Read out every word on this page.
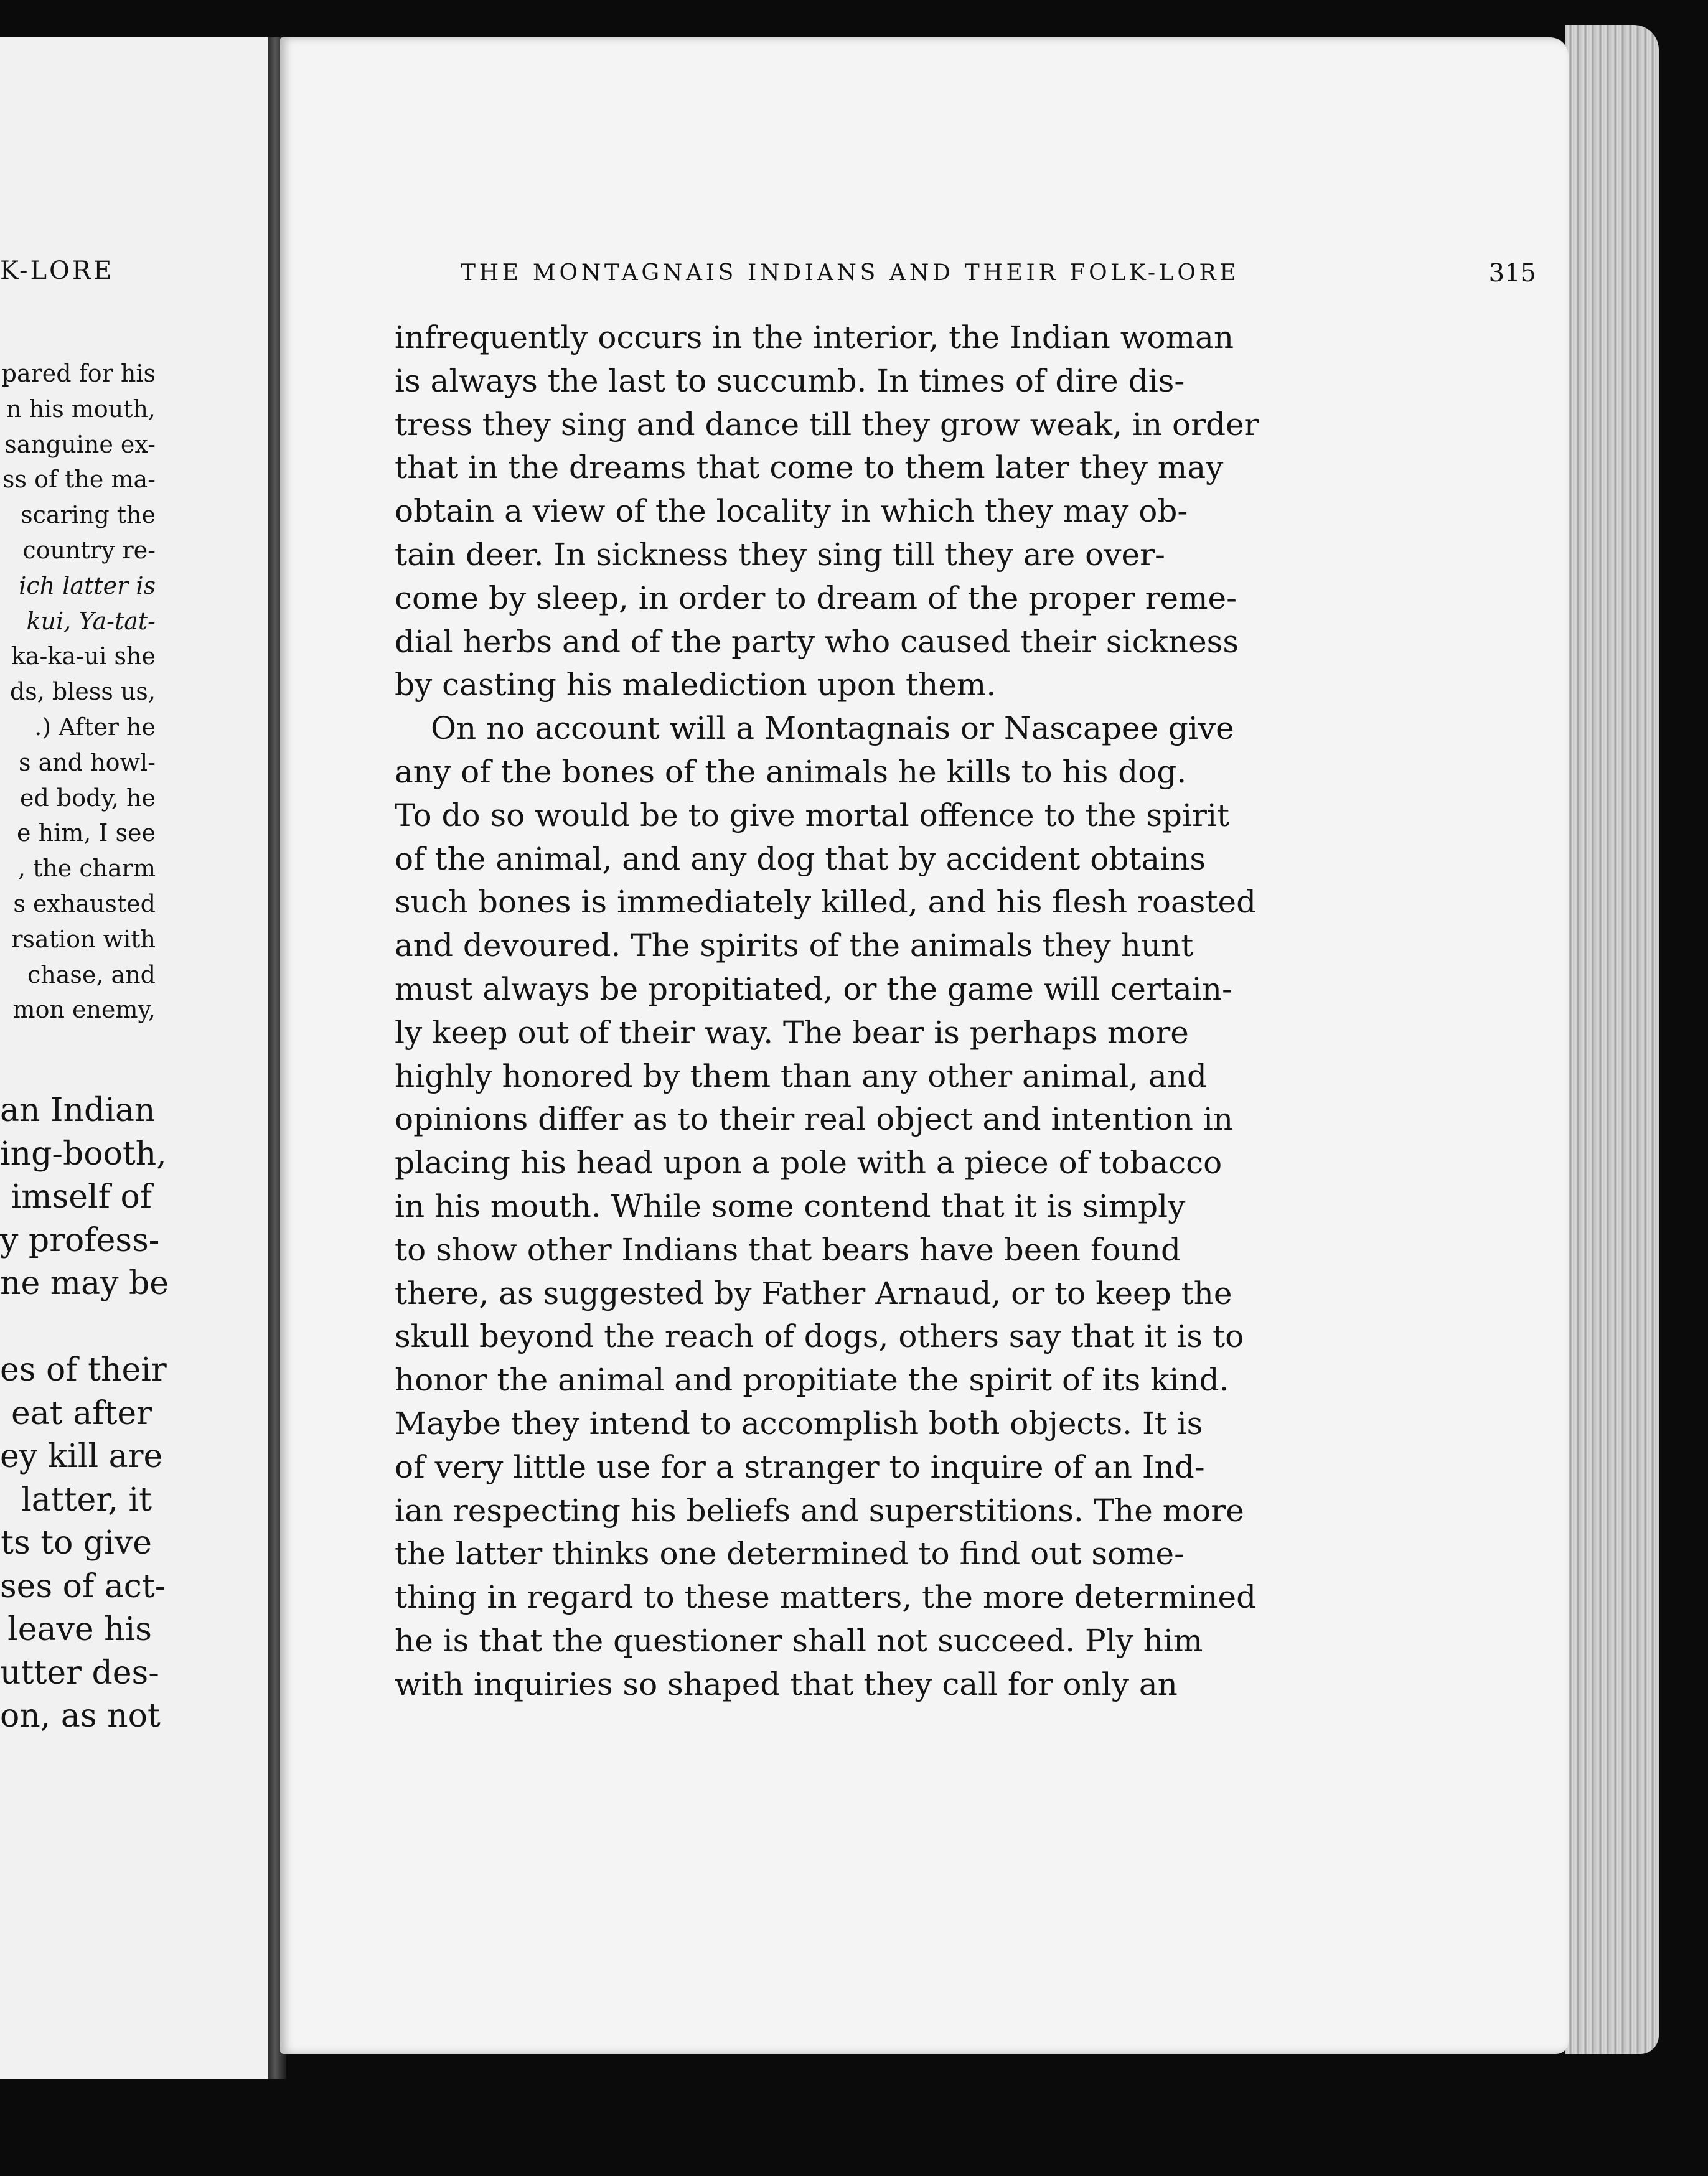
K-LORE
pared for his
n his mouth,
sanguine ex-
ss of the ma-
scaring the
country re-
ich latter is
kui, Ya-tat-
ka-ka-ui she
ds, bless us,
.) After he
s and howl-
ed body, he
e him, I see
, the charm
s exhausted
rsation with
chase, and
mon enemy,
an Indian
ing-booth,
imself of
y profess-
ne may be

es of their
eat after
ey kill are
latter, it
ts to give
ses of act-
leave his
utter des-
on, as not
THE MONTAGNAIS INDIANS AND THEIR FOLK-LORE	315
infrequently occurs in the interior, the Indian woman
is always the last to succumb. In times of dire dis-
tress they sing and dance till they grow weak, in order
that in the dreams that come to them later they may
obtain a view of the locality in which they may ob-
tain deer. In sickness they sing till they are over-
come by sleep, in order to dream of the proper reme-
dial herbs and of the party who caused their sickness
by casting his malediction upon them.
On no account will a Montagnais or Nascapee give
any of the bones of the animals he kills to his dog.
To do so would be to give mortal offence to the spirit
of the animal, and any dog that by accident obtains
such bones is immediately killed, and his flesh roasted
and devoured. The spirits of the animals they hunt
must always be propitiated, or the game will certain-
ly keep out of their way. The bear is perhaps more
highly honored by them than any other animal, and
opinions differ as to their real object and intention in
placing his head upon a pole with a piece of tobacco
in his mouth. While some contend that it is simply
to show other Indians that bears have been found
there, as suggested by Father Arnaud, or to keep the
skull beyond the reach of dogs, others say that it is to
honor the animal and propitiate the spirit of its kind.
Maybe they intend to accomplish both objects. It is
of very little use for a stranger to inquire of an Ind-
ian respecting his beliefs and superstitions. The more
the latter thinks one determined to find out some-
thing in regard to these matters, the more determined
he is that the questioner shall not succeed. Ply him
with inquiries so shaped that they call for only an
